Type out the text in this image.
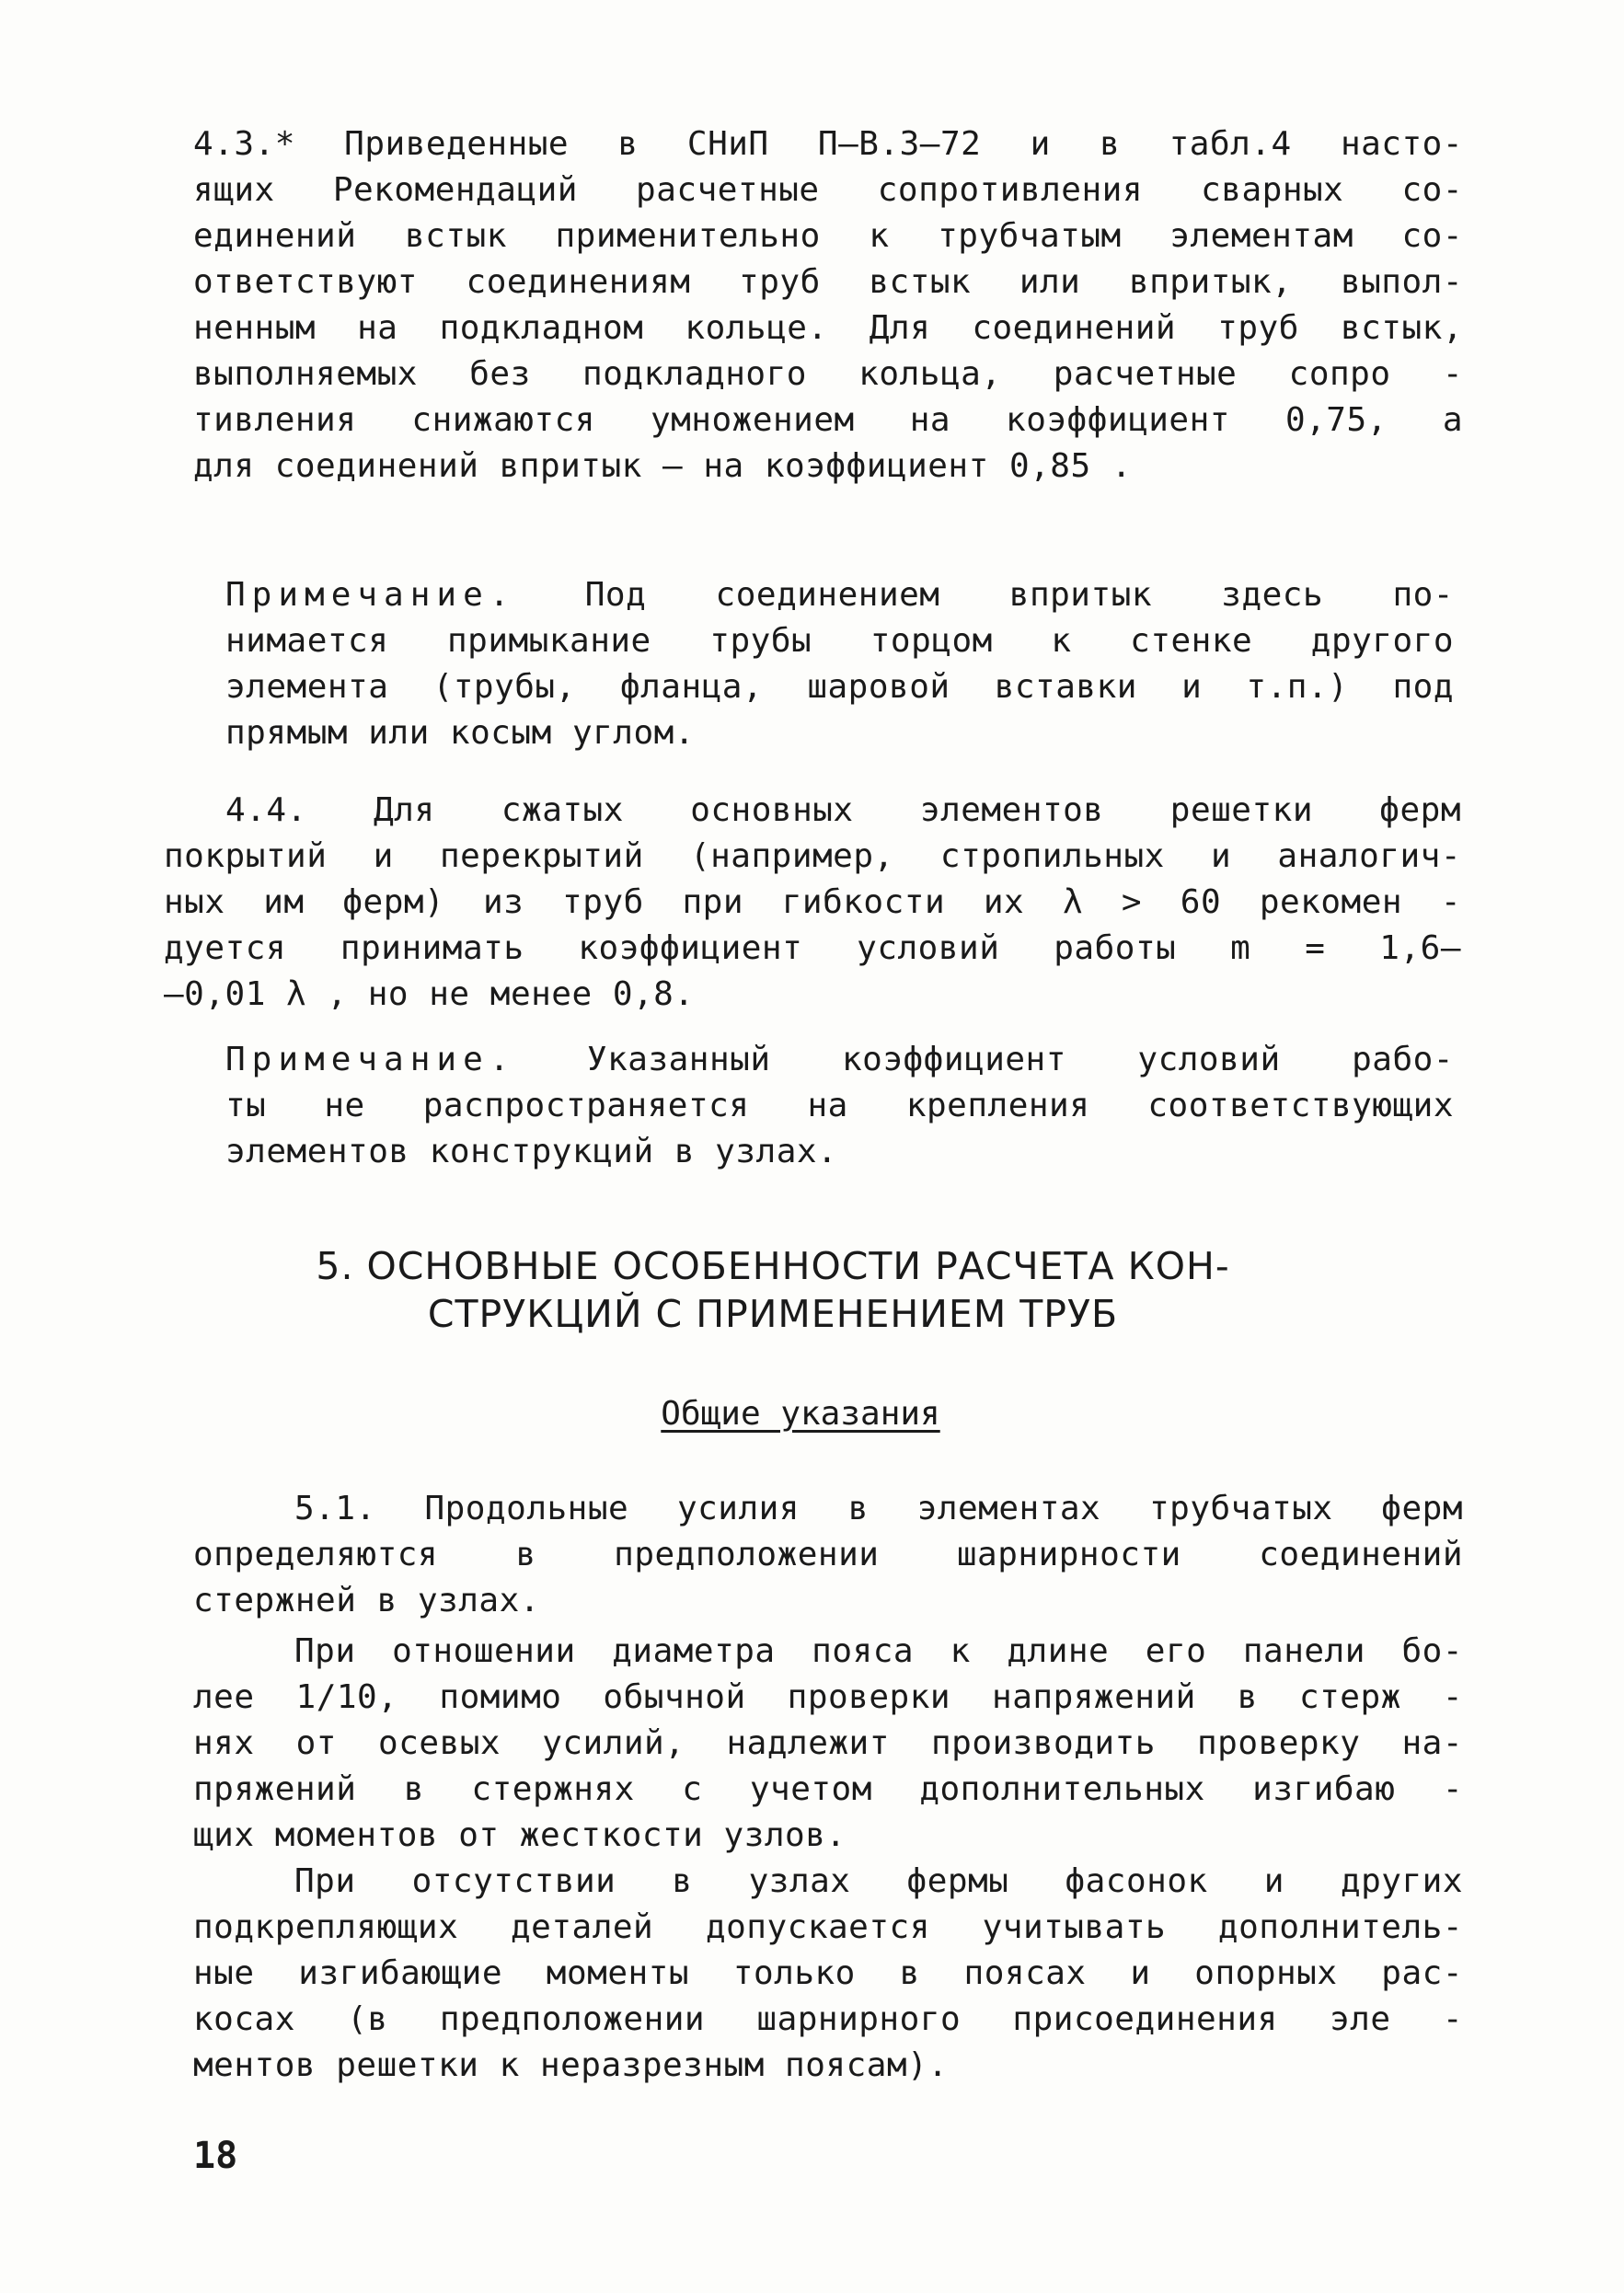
4.3.* Приведенные в СНиП П–В.3–72 и в табл.4 насто-
ящих Рекомендаций расчетные сопротивления сварных со-
единений встык применительно к трубчатым элементам со-
ответствуют соединениям труб встык или впритык, выпол-
ненным на подкладном кольце. Для соединений труб встык,
выполняемых без подкладного кольца, расчетные сопро -
тивления снижаются умножением на коэффициент 0,75, а
для соединений впритык – на коэффициент 0,85 .
Примечание. Под соединением впритык здесь по-
нимается примыкание трубы торцом к стенке другого
элемента (трубы, фланца, шаровой вставки и т.п.) под
прямым или косым углом.
4.4. Для сжатых основных элементов решетки ферм
покрытий и перекрытий (например, стропильных и аналогич-
ных им ферм) из труб при гибкости их λ > 60 рекомен -
дуется принимать коэффициент условий работы m = 1,6–
–0,01 λ , но не менее 0,8.
Примечание. Указанный коэффициент условий рабо-
ты не распространяется на крепления соответствующих
элементов конструкций в узлах.
5. ОСНОВНЫЕ ОСОБЕННОСТИ РАСЧЕТА КОН-
СТРУКЦИЙ С ПРИМЕНЕНИЕМ ТРУБ
Общие указания
5.1. Продольные усилия в элементах трубчатых ферм
определяются в предположении шарнирности соединений
стержней в узлах.
При отношении диаметра пояса к длине его панели бо-
лее 1/10, помимо обычной проверки напряжений в стерж -
нях от осевых усилий, надлежит производить проверку на-
пряжений в стержнях с учетом дополнительных изгибаю -
щих моментов от жесткости узлов.
При отсутствии в узлах фермы фасонок и других
подкрепляющих деталей допускается учитывать дополнитель-
ные изгибающие моменты только в поясах и опорных рас-
косах (в предположении шарнирного присоединения эле -
ментов решетки к неразрезным поясам).
18
